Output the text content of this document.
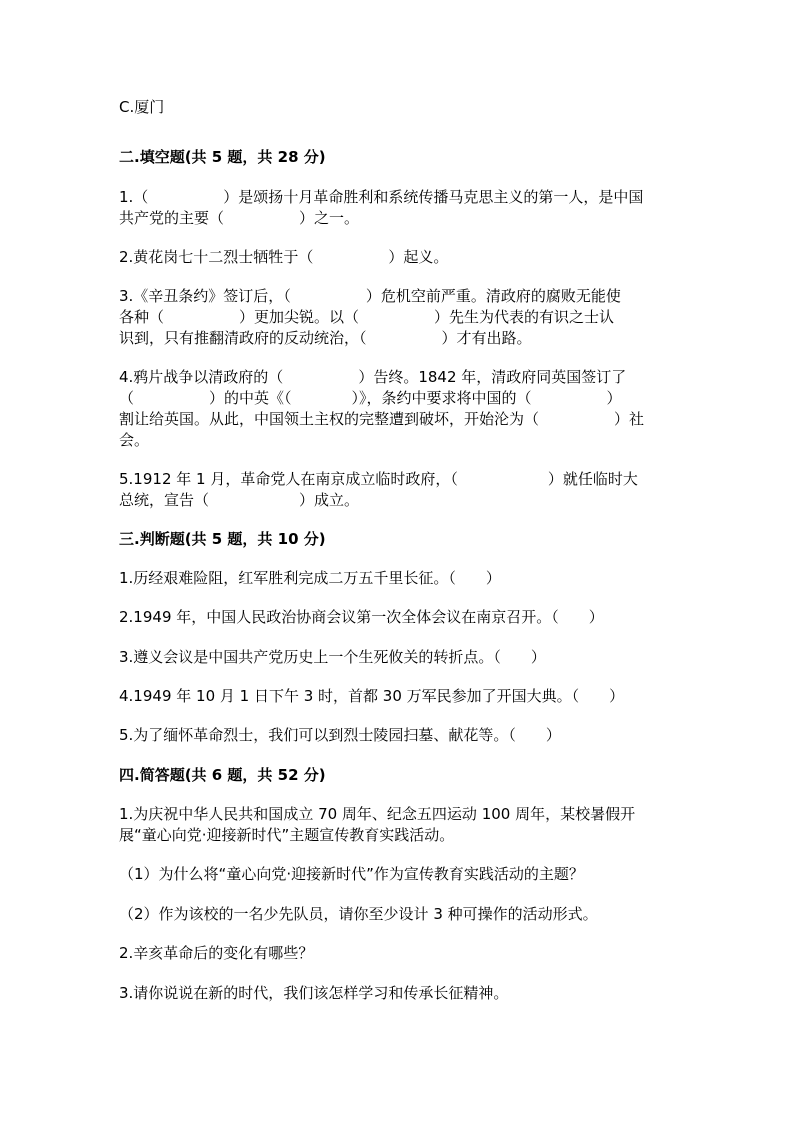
C.厦门

二.填空题(共 5 题，共 28 分)

1.（　　　　　）是颂扬十月革命胜利和系统传播马克思主义的第一人，是中国

共产党的主要（　　　　　）之一。

2.黄花岗七十二烈士牺牲于（　　　　　）起义。

3.《辛丑条约》签订后，（　　　　　）危机空前严重。清政府的腐败无能使

各种（　　　　　）更加尖锐。以（　　　　　）先生为代表的有识之士认

识到，只有推翻清政府的反动统治，（　　　　　）才有出路。

4.鸦片战争以清政府的（　　　　　）告终。1842 年，清政府同英国签订了

（　　　　　）的中英《（　　　　）》，条约中要求将中国的（　　　　　）

割让给英国。从此，中国领土主权的完整遭到破坏，开始沦为（　　　　　）社

会。

5.1912 年 1 月，革命党人在南京成立临时政府，（　　　　　　）就任临时大

总统，宣告（　　　　　　）成立。

三.判断题(共 5 题，共 10 分)

1.历经艰难险阻，红军胜利完成二万五千里长征。（　　）

2.1949 年，中国人民政治协商会议第一次全体会议在南京召开。（　　）

3.遵义会议是中国共产党历史上一个生死攸关的转折点。（　　）

4.1949 年 10 月 1 日下午 3 时，首都 30 万军民参加了开国大典。（　　）

5.为了缅怀革命烈士，我们可以到烈士陵园扫墓、献花等。（　　）

四.简答题(共 6 题，共 52 分)

1.为庆祝中华人民共和国成立 70 周年、纪念五四运动 100 周年，某校暑假开

展“童心向党·迎接新时代”主题宣传教育实践活动。

（1）为什么将“童心向党·迎接新时代”作为宣传教育实践活动的主题？

（2）作为该校的一名少先队员，请你至少设计 3 种可操作的活动形式。

2.辛亥革命后的变化有哪些？

3.请你说说在新的时代，我们该怎样学习和传承长征精神。
